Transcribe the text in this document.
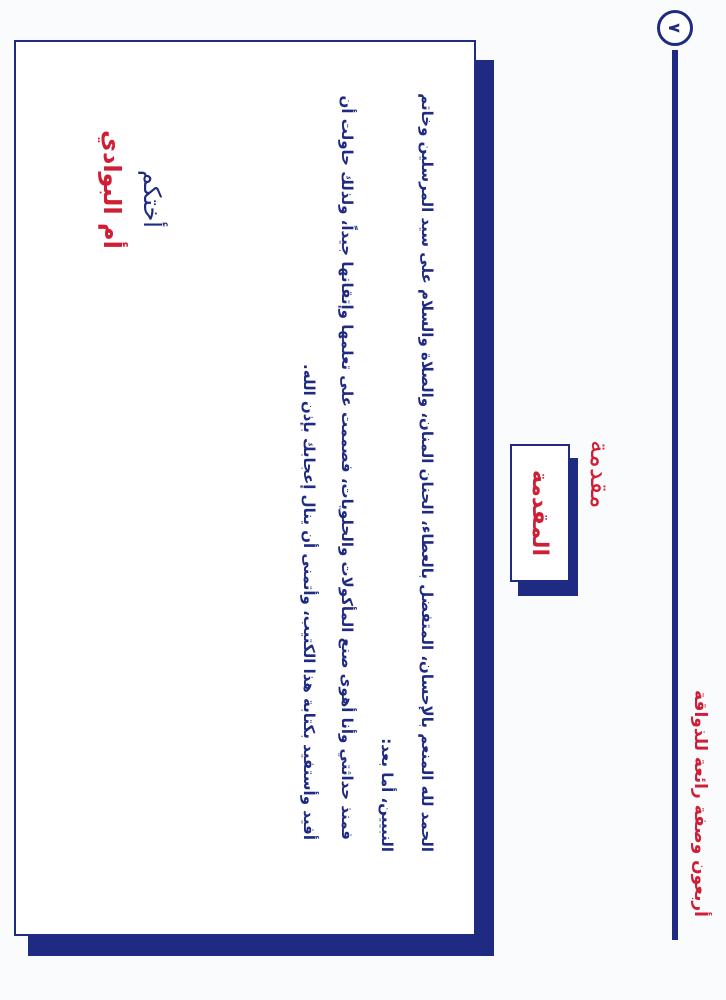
أربعون وصفة رائعة للذواقة
٧
مقدمة
المقدمة
الحمد لله المنعم بالإحسان، المتفضل بالعطاء، الحنان المنان، والصلاة والسلام على سيد المرسلين وخاتم
النبيين، أما بعد:
فمنذ حداثتي وأنا أهوى صنع المأكولات والحلويات، فصممت على تعلمها وإتقانها جيداً، ولذلك حاولت أن
أفيد وأستفيد بكتابة هذا الكتيب، وأتمنى أن ينال إعجابك بإذن الله.
أختكم
أم البوادي
